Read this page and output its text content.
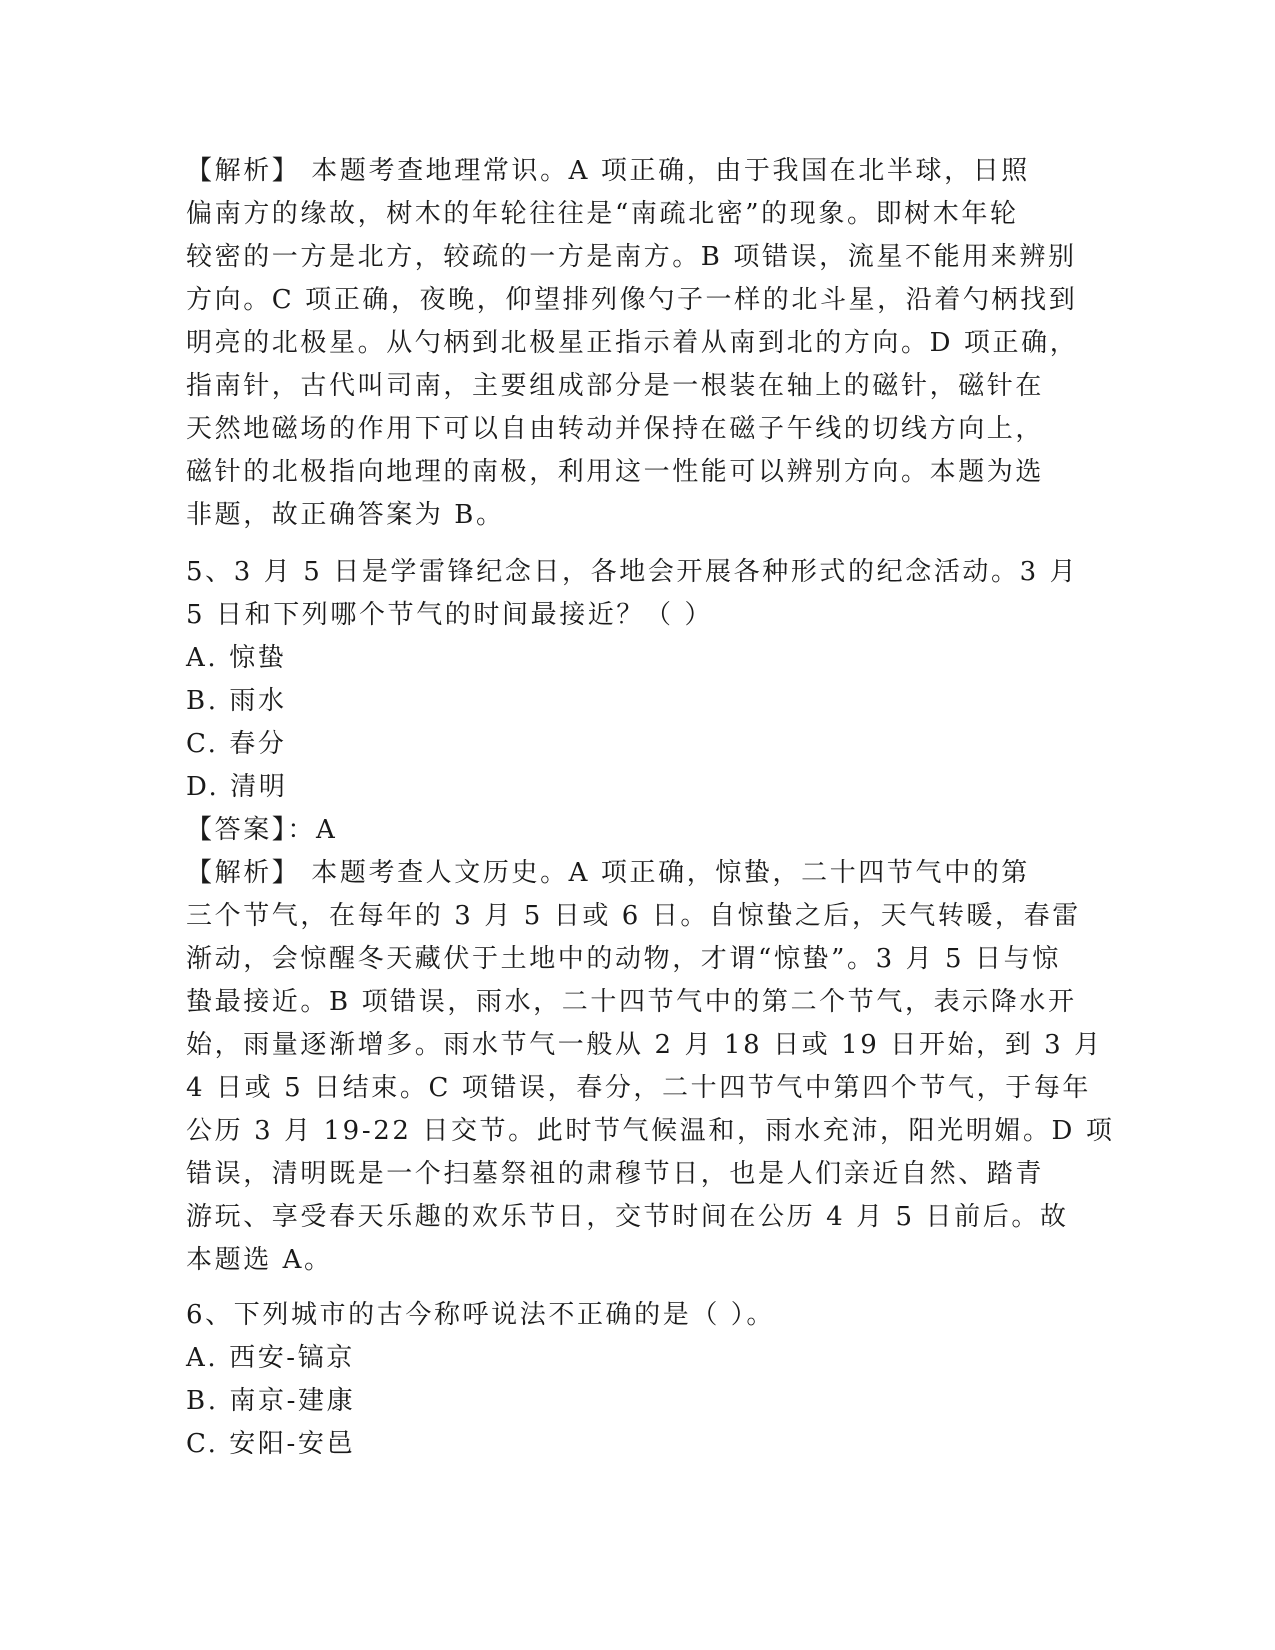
【解析】 本题考查地理常识。A 项正确，由于我国在北半球，日照
偏南方的缘故，树木的年轮往往是“南疏北密”的现象。即树木年轮
较密的一方是北方，较疏的一方是南方。B 项错误，流星不能用来辨别
方向。C 项正确，夜晚，仰望排列像勺子一样的北斗星，沿着勺柄找到
明亮的北极星。从勺柄到北极星正指示着从南到北的方向。D 项正确，
指南针，古代叫司南，主要组成部分是一根装在轴上的磁针，磁针在
天然地磁场的作用下可以自由转动并保持在磁子午线的切线方向上，
磁针的北极指向地理的南极，利用这一性能可以辨别方向。本题为选
非题，故正确答案为 B。
5、3 月 5 日是学雷锋纪念日，各地会开展各种形式的纪念活动。3 月
5 日和下列哪个节气的时间最接近？（ ）
A. 惊蛰
B. 雨水
C. 春分
D. 清明
【答案】：A
【解析】 本题考查人文历史。A 项正确，惊蛰，二十四节气中的第
三个节气，在每年的 3 月 5 日或 6 日。自惊蛰之后，天气转暖，春雷
渐动，会惊醒冬天藏伏于土地中的动物，才谓“惊蛰”。3 月 5 日与惊
蛰最接近。B 项错误，雨水，二十四节气中的第二个节气，表示降水开
始，雨量逐渐增多。雨水节气一般从 2 月 18 日或 19 日开始，到 3 月
4 日或 5 日结束。C 项错误，春分，二十四节气中第四个节气，于每年
公历 3 月 19-22 日交节。此时节气候温和，雨水充沛，阳光明媚。D 项
错误，清明既是一个扫墓祭祖的肃穆节日，也是人们亲近自然、踏青
游玩、享受春天乐趣的欢乐节日，交节时间在公历 4 月 5 日前后。故
本题选 A。
6、下列城市的古今称呼说法不正确的是（ ）。
A. 西安-镐京
B. 南京-建康
C. 安阳-安邑
